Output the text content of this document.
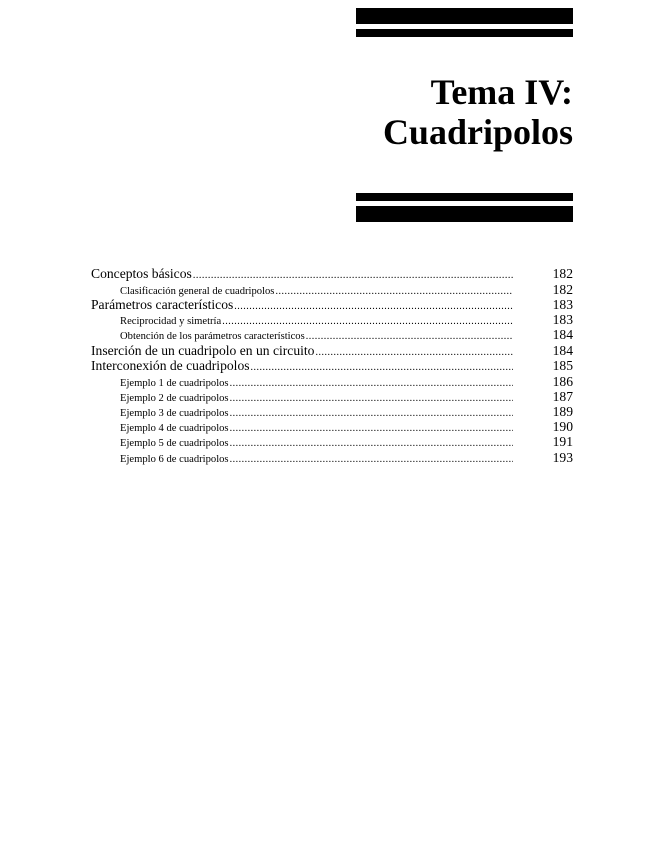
Tema IV:
Cuadripolos
Conceptos básicos .....	182
Clasificación general de cuadripolos .....	182
Parámetros característicos .....	183
Reciprocidad y simetría .....	183
Obtención de los parámetros característicos .....	184
Inserción de un cuadripolo en un circuito .....	184
Interconexión de cuadripolos .....	185
Ejemplo 1 de cuadripolos .....	186
Ejemplo 2 de cuadripolos .....	187
Ejemplo 3 de cuadripolos .....	189
Ejemplo 4 de cuadripolos .....	190
Ejemplo 5 de cuadripolos .....	191
Ejemplo 6 de cuadripolos .....	193
